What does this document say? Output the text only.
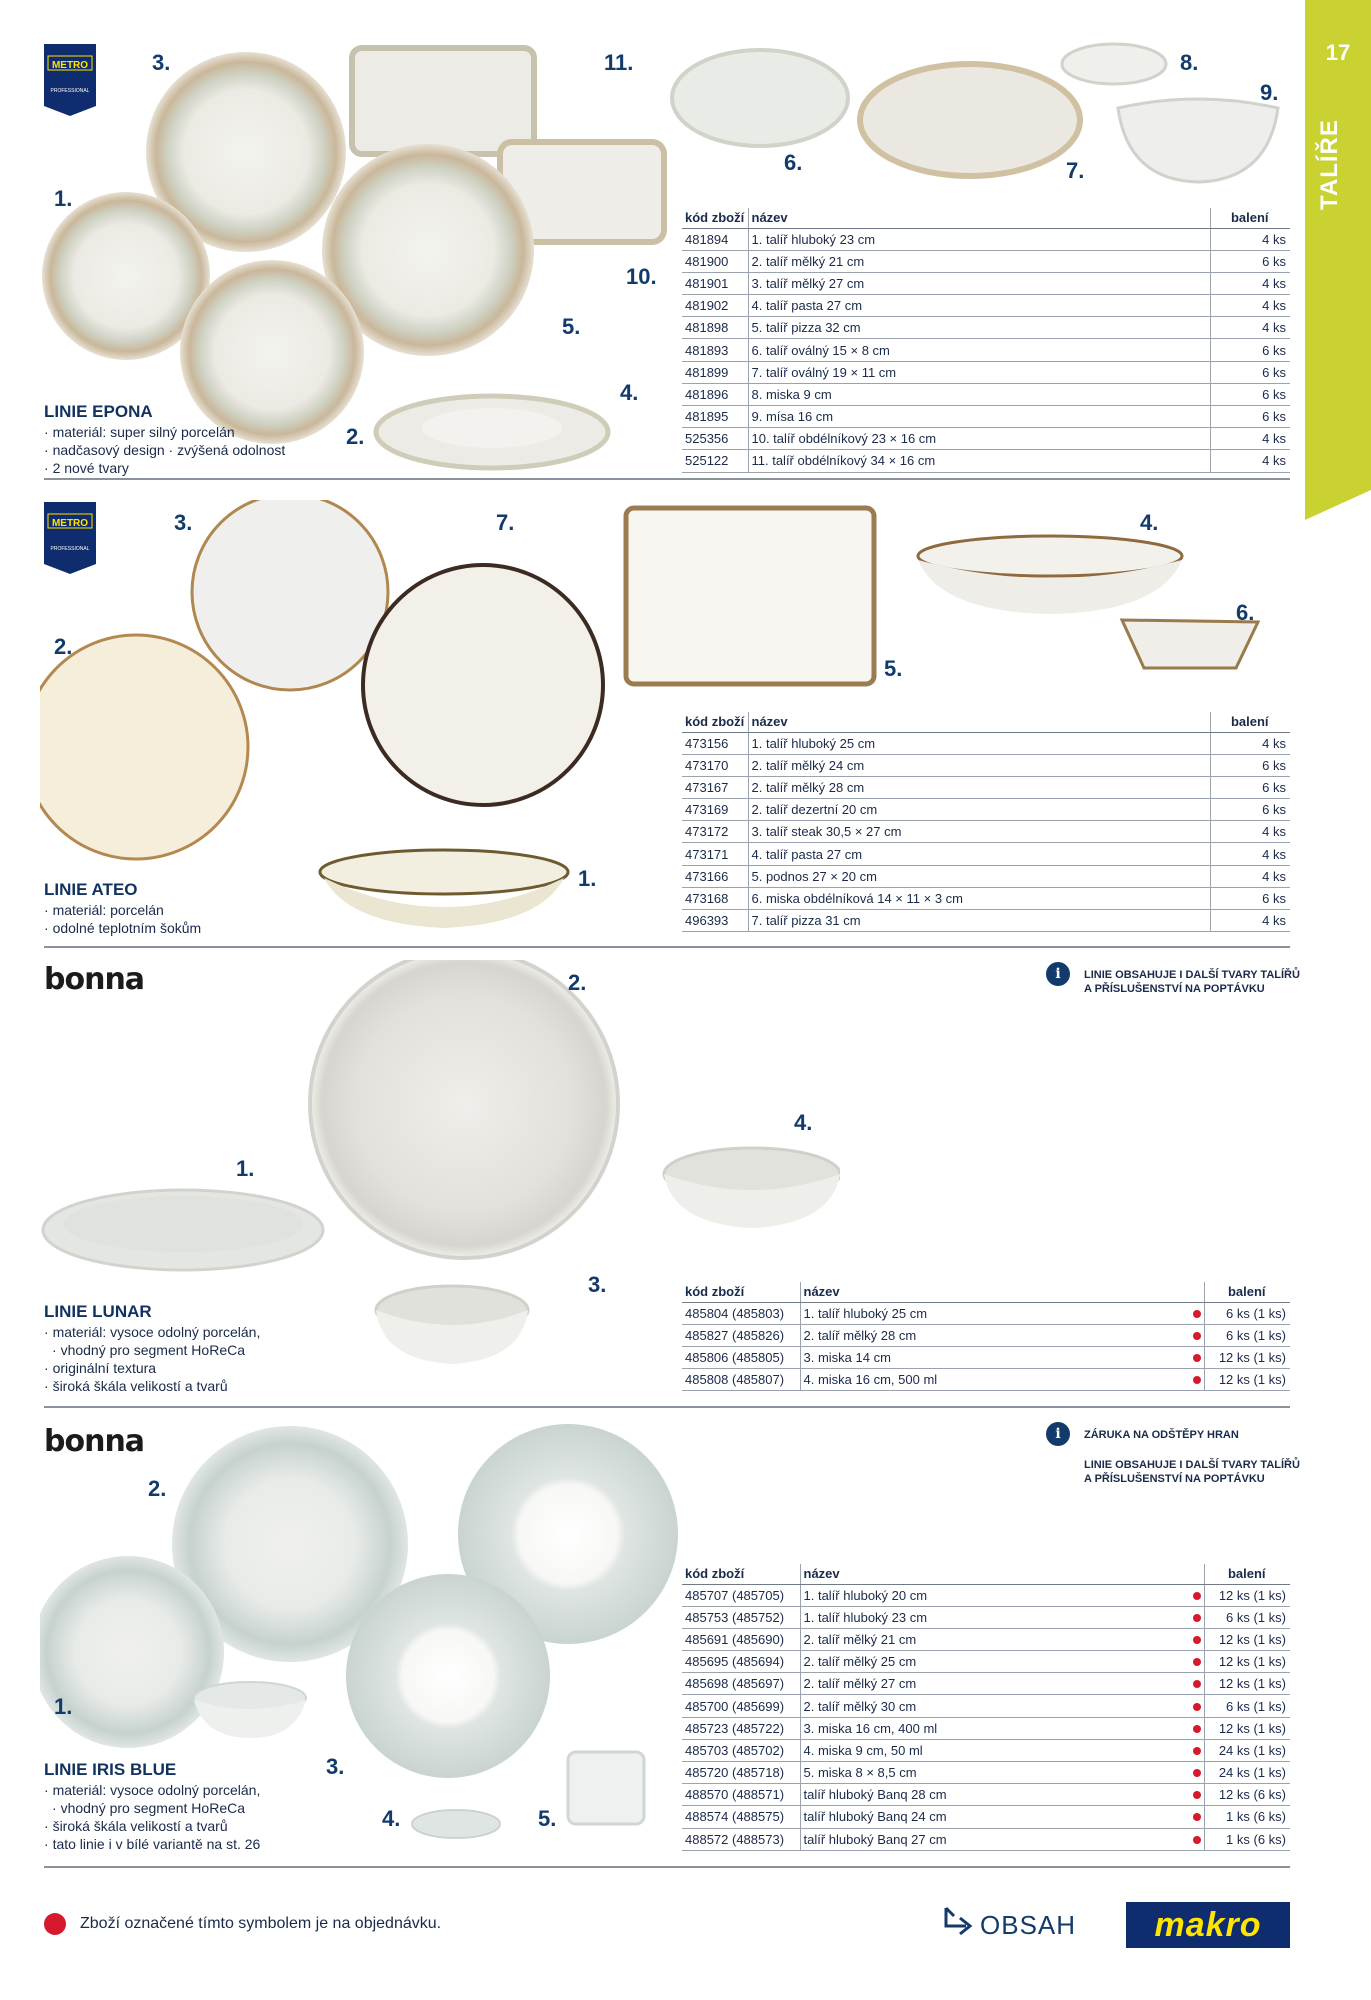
17
TALÍŘE
METRO
PROFESSIONAL
3.	11.	8.
9.
6.	7.
1.
10.
5.
4.
2.
LINIE EPONA
· materiál: super silný porcelán
· nadčasový design · zvýšená odolnost
· 2 nové tvary
kód zboží	název	balení
481894	1. talíř hluboký 23 cm	4 ks
481900	2. talíř mělký 21 cm	6 ks
481901	3. talíř mělký 27 cm	4 ks
481902	4. talíř pasta 27 cm	4 ks
481898	5. talíř pizza 32 cm	4 ks
481893	6. talíř oválný 15 × 8 cm	6 ks
481899	7. talíř oválný 19 × 11 cm	6 ks
481896	8. miska 9 cm	6 ks
481895	9. mísa 16 cm	6 ks
525356	10. talíř obdélníkový 23 × 16 cm	4 ks
525122	11. talíř obdélníkový 34 × 16 cm	4 ks
METRO
PROFESSIONAL
3.	7.	4.
6.
2.
5.
1.
LINIE ATEO
· materiál: porcelán
· odolné teplotním šokům
kód zboží	název	balení
473156	1. talíř hluboký 25 cm	4 ks
473170	2. talíř mělký 24 cm	6 ks
473167	2. talíř mělký 28 cm	6 ks
473169	2. talíř dezertní 20 cm	6 ks
473172	3. talíř steak 30,5 × 27 cm	4 ks
473171	4. talíř pasta 27 cm	4 ks
473166	5. podnos 27 × 20 cm	4 ks
473168	6. miska obdélníková 14 × 11 × 3 cm	6 ks
496393	7. talíř pizza 31 cm	4 ks
bonna	i	LINIE OBSAHUJE I DALŠÍ TVARY TALÍŘŮ
A PŘÍSLUŠENSTVÍ NA POPTÁVKU
2.
4.
1.
3.
LINIE LUNAR
· materiál: vysoce odolný porcelán,
· vhodný pro segment HoReCa
· originální textura
· široká škála velikostí a tvarů
kód zboží	název		balení
485804 (485803)	1. talíř hluboký 25 cm		6 ks (1 ks)
485827 (485826)	2. talíř mělký 28 cm		6 ks (1 ks)
485806 (485805)	3. miska 14 cm		12 ks (1 ks)
485808 (485807)	4. miska 16 cm, 500 ml		12 ks (1 ks)
bonna	i	ZÁRUKA NA ODŠTĚPY HRAN
LINIE OBSAHUJE I DALŠÍ TVARY TALÍŘŮ
A PŘÍSLUŠENSTVÍ NA POPTÁVKU
2.
1.
3.
4.	5.
LINIE IRIS BLUE
· materiál: vysoce odolný porcelán,
· vhodný pro segment HoReCa
· široká škála velikostí a tvarů
· tato linie i v bílé variantě na st. 26
kód zboží	název		balení
485707 (485705)	1. talíř hluboký 20 cm		12 ks (1 ks)
485753 (485752)	1. talíř hluboký 23 cm		6 ks (1 ks)
485691 (485690)	2. talíř mělký 21 cm		12 ks (1 ks)
485695 (485694)	2. talíř mělký 25 cm		12 ks (1 ks)
485698 (485697)	2. talíř mělký 27 cm		12 ks (1 ks)
485700 (485699)	2. talíř mělký 30 cm		6 ks (1 ks)
485723 (485722)	3. miska 16 cm, 400 ml		12 ks (1 ks)
485703 (485702)	4. miska 9 cm, 50 ml		24 ks (1 ks)
485720 (485718)	5. miska 8 × 8,5 cm		24 ks (1 ks)
488570 (488571)	talíř hluboký Banq 28 cm		12 ks (6 ks)
488574 (488575)	talíř hluboký Banq 24 cm		1 ks (6 ks)
488572 (488573)	talíř hluboký Banq 27 cm		1 ks (6 ks)
Zboží označené tímto symbolem je na objednávku.	OBSAH	makro
